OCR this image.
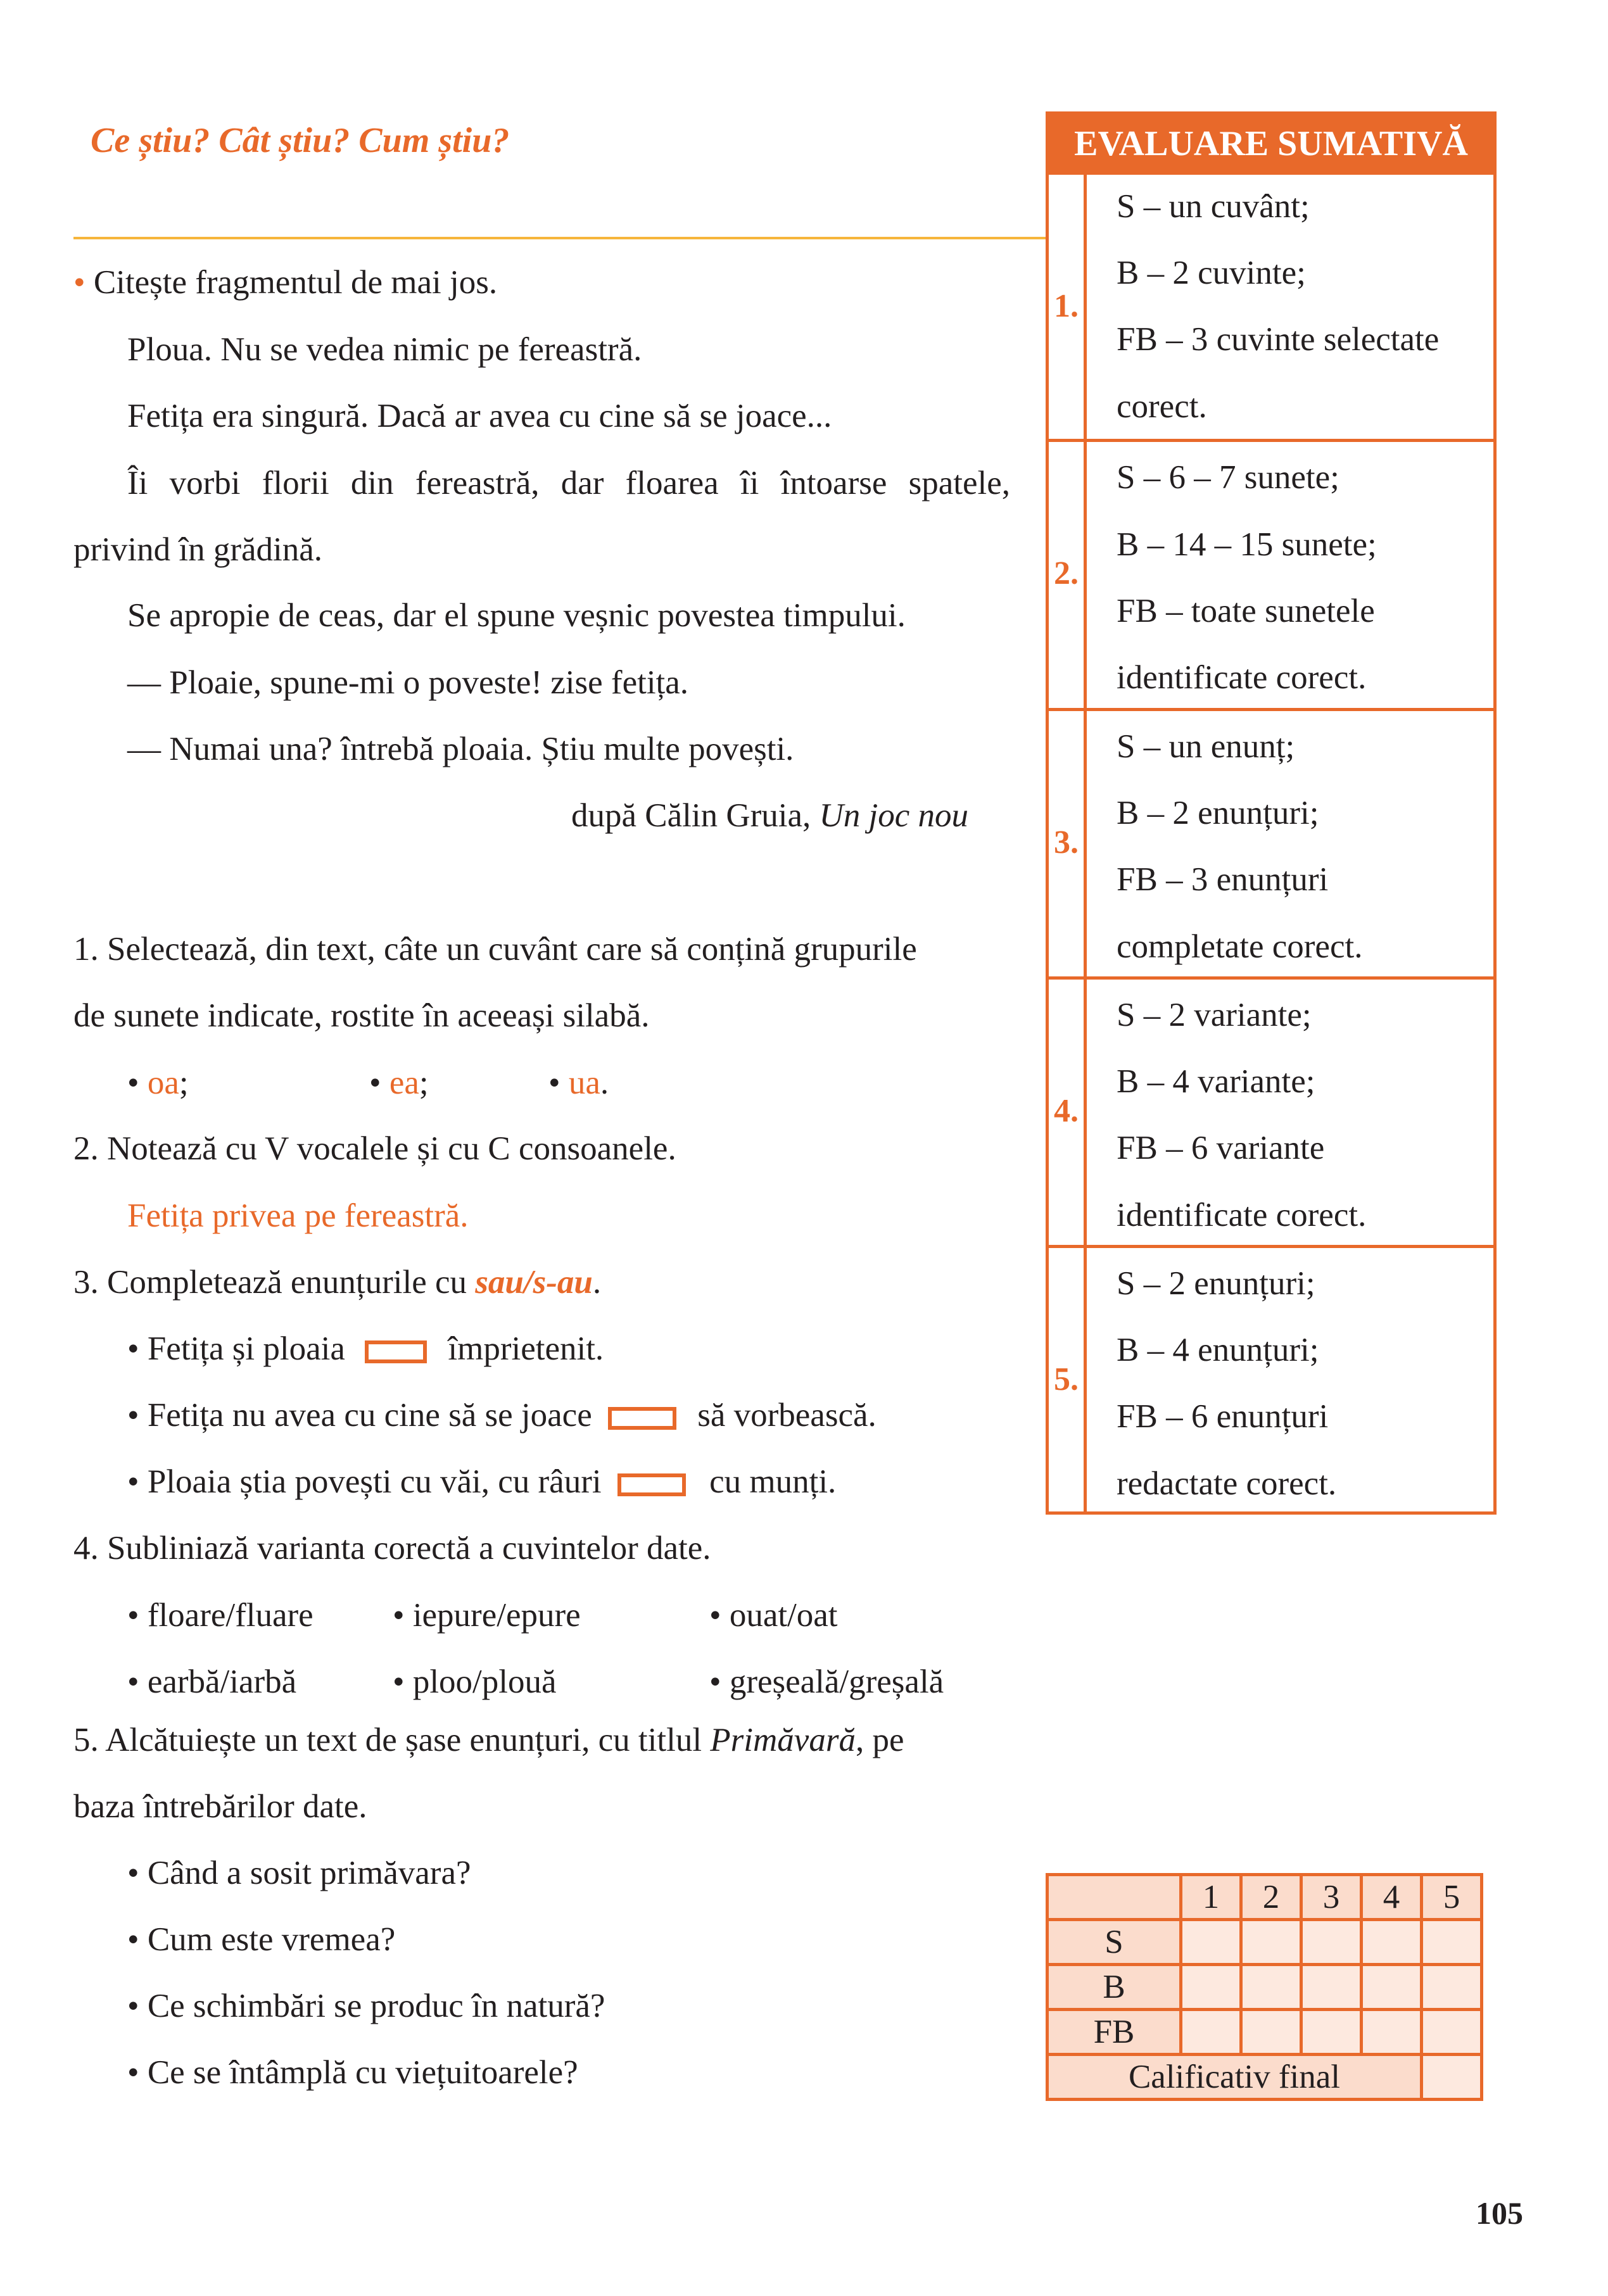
Ce știu? Cât știu? Cum știu?
• Citește fragmentul de mai jos.
Ploua. Nu se vedea nimic pe fereastră.
Fetița era singură. Dacă ar avea cu cine să se joace...
Îi vorbi florii din fereastră, dar floarea îi întoarse spatele,
privind în grădină.
Se apropie de ceas, dar el spune veșnic povestea timpului.
— Ploaie, spune-mi o poveste! zise fetița.
— Numai una? întrebă ploaia. Știu multe povești.
după Călin Gruia, Un joc nou
1. Selectează, din text, câte un cuvânt care să conțină grupurile
de sunete indicate, rostite în aceeași silabă.
• oa;	• ea;	• ua.
2. Notează cu V vocalele și cu C consoanele.
Fetița privea pe fereastră.
3. Completează enunțurile cu sau/s-au.
• Fetița și ploaia	împrietenit.
• Fetița nu avea cu cine să se joace	să vorbească.
• Ploaia știa povești cu văi, cu râuri	cu munți.
4. Subliniază varianta corectă a cuvintelor date.
• floare/fluare • iepure/epure	• ouat/oat
• earbă/iarbă	• ploo/plouă	• greșeală/greșală
5. Alcătuiește un text de șase enunțuri, cu titlul Primăvară, pe
baza întrebărilor date.
• Când a sosit primăvara?
• Cum este vremea?
• Ce schimbări se produc în natură?
• Ce se întâmplă cu viețuitoarele?
EVALUARE SUMATIVĂ
1.
S – un cuvânt;
B – 2 cuvinte;
FB – 3 cuvinte selectate
corect.
2.
S – 6 – 7 sunete;
B – 14 – 15 sunete;
FB – toate sunetele
identificate corect.
3.
S – un enunț;
B – 2 enunțuri;
FB – 3 enunțuri
completate corect.
4.
S – 2 variante;
B – 4 variante;
FB – 6 variante
identificate corect.
5.
S – 2 enunțuri;
B – 4 enunțuri;
FB – 6 enunțuri
redactate corect.
	1	2	3	4	5
S					
B					
FB					
Calificativ final					
105
